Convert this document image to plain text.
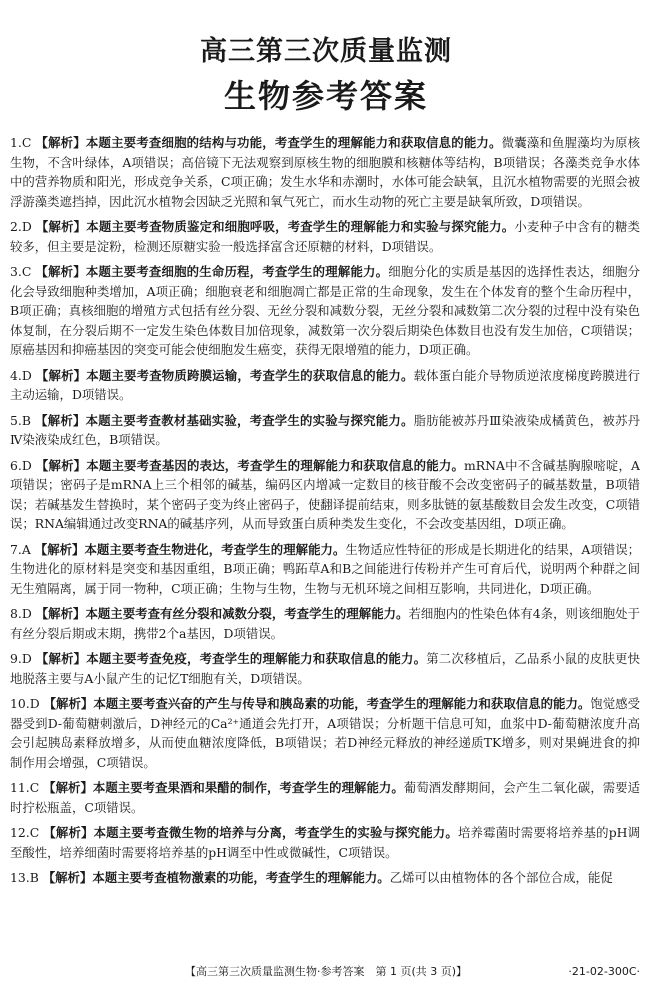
高三第三次质量监测
生物参考答案

1.C 【解析】本题主要考查细胞的结构与功能，考查学生的理解能力和获取信息的能力。微囊藻和鱼腥藻均为原核生物，不含叶绿体，A项错误；高倍镜下无法观察到原核生物的细胞膜和核糖体等结构，B项错误；各藻类竞争水体中的营养物质和阳光，形成竞争关系，C项正确；发生水华和赤潮时，水体可能会缺氧，且沉水植物需要的光照会被浮游藻类遮挡掉，因此沉水植物会因缺乏光照和氧气死亡，而水生动物的死亡主要是缺氧所致，D项错误。

2.D 【解析】本题主要考查物质鉴定和细胞呼吸，考查学生的理解能力和实验与探究能力。小麦种子中含有的糖类较多，但主要是淀粉，检测还原糖实验一般选择富含还原糖的材料，D项错误。

3.C 【解析】本题主要考查细胞的生命历程，考查学生的理解能力。细胞分化的实质是基因的选择性表达，细胞分化会导致细胞种类增加，A项正确；细胞衰老和细胞凋亡都是正常的生命现象，发生在个体发育的整个生命历程中，B项正确；真核细胞的增殖方式包括有丝分裂、无丝分裂和减数分裂，无丝分裂和减数第二次分裂的过程中没有染色体复制，在分裂后期不一定发生染色体数目加倍现象，减数第一次分裂后期染色体数目也没有发生加倍，C项错误；原癌基因和抑癌基因的突变可能会使细胞发生癌变，获得无限增殖的能力，D项正确。

4.D 【解析】本题主要考查物质跨膜运输，考查学生的获取信息的能力。载体蛋白能介导物质逆浓度梯度跨膜进行主动运输，D项错误。

5.B 【解析】本题主要考查教材基础实验，考查学生的实验与探究能力。脂肪能被苏丹Ⅲ染液染成橘黄色，被苏丹Ⅳ染液染成红色，B项错误。

6.D 【解析】本题主要考查基因的表达，考查学生的理解能力和获取信息的能力。mRNA中不含碱基胸腺嘧啶，A项错误；密码子是mRNA上三个相邻的碱基，编码区内增减一定数目的核苷酸不会改变密码子的碱基数量，B项错误；若碱基发生替换时，某个密码子变为终止密码子，使翻译提前结束，则多肽链的氨基酸数目会发生改变，C项错误；RNA编辑通过改变RNA的碱基序列，从而导致蛋白质种类发生变化，不会改变基因组，D项正确。

7.A 【解析】本题主要考查生物进化，考查学生的理解能力。生物适应性特征的形成是长期进化的结果，A项错误；生物进化的原材料是突变和基因重组，B项正确；鸭跖草A和B之间能进行传粉并产生可育后代，说明两个种群之间无生殖隔离，属于同一物种，C项正确；生物与生物，生物与无机环境之间相互影响，共同进化，D项正确。

8.D 【解析】本题主要考查有丝分裂和减数分裂，考查学生的理解能力。若细胞内的性染色体有4条，则该细胞处于有丝分裂后期或末期，携带2个a基因，D项错误。

9.D 【解析】本题主要考查免疫，考查学生的理解能力和获取信息的能力。第二次移植后，乙品系小鼠的皮肤更快地脱落主要与A小鼠产生的记忆T细胞有关，D项错误。

10.D 【解析】本题主要考查兴奋的产生与传导和胰岛素的功能，考查学生的理解能力和获取信息的能力。饱觉感受器受到D-葡萄糖刺激后，D神经元的Ca²⁺通道会先打开，A项错误；分析题干信息可知，血浆中D-葡萄糖浓度升高会引起胰岛素释放增多，从而使血糖浓度降低，B项错误；若D神经元释放的神经递质TK增多，则对果蝇进食的抑制作用会增强，C项错误。

11.C 【解析】本题主要考查果酒和果醋的制作，考查学生的理解能力。葡萄酒发酵期间，会产生二氧化碳，需要适时拧松瓶盖，C项错误。

12.C 【解析】本题主要考查微生物的培养与分离，考查学生的实验与探究能力。培养霉菌时需要将培养基的pH调至酸性，培养细菌时需要将培养基的pH调至中性或微碱性，C项错误。

13.B 【解析】本题主要考查植物激素的功能，考查学生的理解能力。乙烯可以由植物体的各个部位合成，能促

【高三第三次质量监测生物·参考答案　第 1 页(共 3 页)】	·21-02-300C·
